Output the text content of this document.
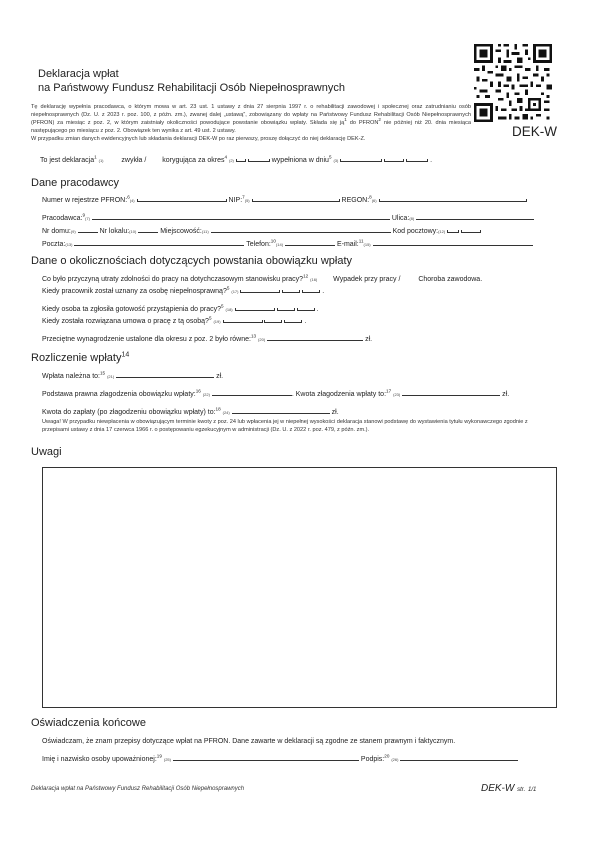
Deklaracja wpłat
na Państwowy Fundusz Rehabilitacji Osób Niepełnosprawnych
DEK-W
Tę deklarację wypełnia pracodawca, o którym mowa w art. 23 ust. 1 ustawy z dnia 27 sierpnia 1997 r. o rehabilitacji zawodowej i społecznej oraz zatrudnianiu osób niepełnosprawnych (Dz. U. z 2023 r. poz. 100, z późn. zm.), zwanej dalej „ustawą”, zobowiązany do wpłaty na Państwowy Fundusz Rehabilitacji Osób Niepełnosprawnych (PFRON) za miesiąc z poz. 2, w którym zaistniały okoliczności powodujące powstanie obowiązku wpłaty. Składa się $ją^1$ do PFRON$^2$ nie później niż 20. dnia miesiąca następującego po miesiącu z poz. 2. Obowiązek ten wynika z art. 49 ust. 2 ustawy.
W przypadku zmian danych ewidencyjnych lub składania deklaracji DEK-W po raz pierwszy, proszę dołączyć do niej deklarację DEK-Z.
To jest deklaracja$^1$ (1)	zwykła / korygująca za okres$^4$ (2)	wypełniona w dniu$^5$ (3)	.
Dane pracodawcy
Numer w rejestrze PFRON:$^6$(4)	NIP:$^7$(5)	REGON:$^8$(6)
Pracodawca:$^9$(7)	Ulica:(8)
Nr domu:(9)	Nr lokalu:(10)	Miejscowość:(11)	Kod pocztowy:(12)
Poczta:(13)	Telefon:$^{10}$(14)	E-mail:$^{11}$(15)
Dane o okolicznościach dotyczących powstania obowiązku wpłaty
Co było przyczyną utraty zdolności do pracy na dotychczasowym stanowisku pracy?$^{12}$ (16) Wypadek przy pracy /	Choroba zawodowa.
Kiedy pracownik został uznany za osobę niepełnosprawną?$^5$ (17)	.
Kiedy osoba ta zgłosiła gotowość przystąpienia do pracy?$^5$ (18)	.
Kiedy została rozwiązana umowa o pracę z tą osobą?$^5$ (19)	.
Przeciętne wynagrodzenie ustalone dla okresu z poz. 2 było równe:$^{13}$ (20)	zł.
Rozliczenie wpłaty$^{14}$
Wpłata należna to:$^{15}$ (21)	zł.
Podstawa prawna złagodzenia obowiązku wpłaty:$^{16}$ (22)	. Kwota złagodzenia wpłaty to:$^{17}$ (23)	zł.
Kwota do zapłaty (po złagodzeniu obowiązku wpłaty) to:$^{18}$ (24)	zł.
Uwaga! W przypadku niewpłacenia w obowiązującym terminie kwoty z poz. 24 lub wpłacenia jej w niepełnej wysokości deklaracja stanowi podstawę do wystawienia tytułu wykonawczego zgodnie z przepisami ustawy z dnia 17 czerwca 1966 r. o postępowaniu egzekucyjnym w administracji (Dz. U. z 2022 r. poz. 479, z późn. zm.).
Uwagi
Oświadczenia końcowe
Oświadczam, że znam przepisy dotyczące wpłat na PFRON. Dane zawarte w deklaracji są zgodne ze stanem prawnym i faktycznym.
Imię i nazwisko osoby upoważnionej:$^{19}$ (25)	Podpis:$^{20}$ (26)
Deklaracja wpłat na Państwowy Fundusz Rehabilitacji Osób Niepełnosprawnych	DEK-W str. 1/1
